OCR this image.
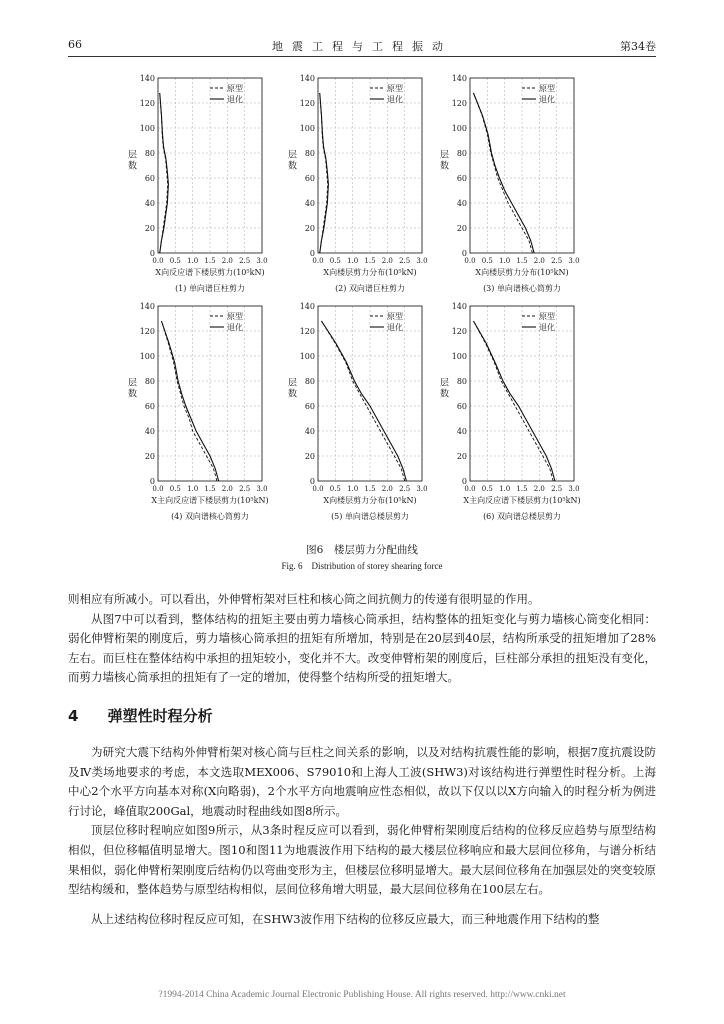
66	地震工程与工程振动	第34卷
0
20
40
60
80
100
120
140
0.0 0.5 1.0 1.5 2.0 2.5 3.0
层数
X向反应谱下楼层剪力(10⁵kN)
(1) 单向谱巨柱剪力
原型
退化
0
20
40
60
80
100
120
140
0.0 0.5 1.0 1.5 2.0 2.5 3.0
层数
X向楼层剪力分布(10⁵kN)
(2) 双向谱巨柱剪力
原型
退化
0
20
40
60
80
100
120
140
0.0 0.5 1.0 1.5 2.0 2.5 3.0
层数
X向楼层剪力分布(10⁵kN)
(3) 单向谱核心筒剪力
原型
退化
0
20
40
60
80
100
120
140
0.0 0.5 1.0 1.5 2.0 2.5 3.0
层数
X主向反应谱下楼层剪力(10⁵kN)
(4) 双向谱核心筒剪力
原型
退化
0
20
40
60
80
100
120
140
0.0 0.5 1.0 1.5 2.0 2.5 3.0
层数
X向楼层剪力分布(10⁵kN)
(5) 单向谱总楼层剪力
原型
退化
0
20
40
60
80
100
120
140
0.0 0.5 1.0 1.5 2.0 2.5 3.0
层数
X主向反应谱下楼层剪力(10⁵kN)
(6) 双向谱总楼层剪力
原型
退化
图6　楼层剪力分配曲线
Fig. 6　Distribution of storey shearing force

则相应有所减小。可以看出，外伸臂桁架对巨柱和核心筒之间抗侧力的传递有很明显的作用。

从图7中可以看到，整体结构的扭矩主要由剪力墙核心筒承担，结构整体的扭矩变化与剪力墙核心筒变化相同：弱化伸臂桁架的刚度后，剪力墙核心筒承担的扭矩有所增加，特别是在20层到40层，结构所承受的扭矩增加了28%左右。而巨柱在整体结构中承担的扭矩较小，变化并不大。改变伸臂桁架的刚度后，巨柱部分承担的扭矩没有变化，而剪力墙核心筒承担的扭矩有了一定的增加，使得整个结构所受的扭矩增大。

4 弹塑性时程分析

为研究大震下结构外伸臂桁架对核心筒与巨柱之间关系的影响，以及对结构抗震性能的影响，根据7度抗震设防及Ⅳ类场地要求的考虑，本文选取MEX006、S79010和上海人工波(SHW3)对该结构进行弹塑性时程分析。上海中心2个水平方向基本对称(X向略弱)，2个水平方向地震响应性态相似，故以下仅以以X方向输入的时程分析为例进行讨论，峰值取200Gal，地震动时程曲线如图8所示。

顶层位移时程响应如图9所示，从3条时程反应可以看到，弱化伸臂桁架刚度后结构的位移反应趋势与原型结构相似，但位移幅值明显增大。图10和图11为地震波作用下结构的最大楼层位移响应和最大层间位移角，与谱分析结果相似，弱化伸臂桁架刚度后结构仍以弯曲变形为主，但楼层位移明显增大。最大层间位移角在加强层处的突变较原型结构缓和，整体趋势与原型结构相似，层间位移角增大明显，最大层间位移角在100层左右。

从上述结构位移时程反应可知，在SHW3波作用下结构的位移反应最大，而三种地震作用下结构的整

?1994-2014 China Academic Journal Electronic Publishing House. All rights reserved. http://www.cnki.net
